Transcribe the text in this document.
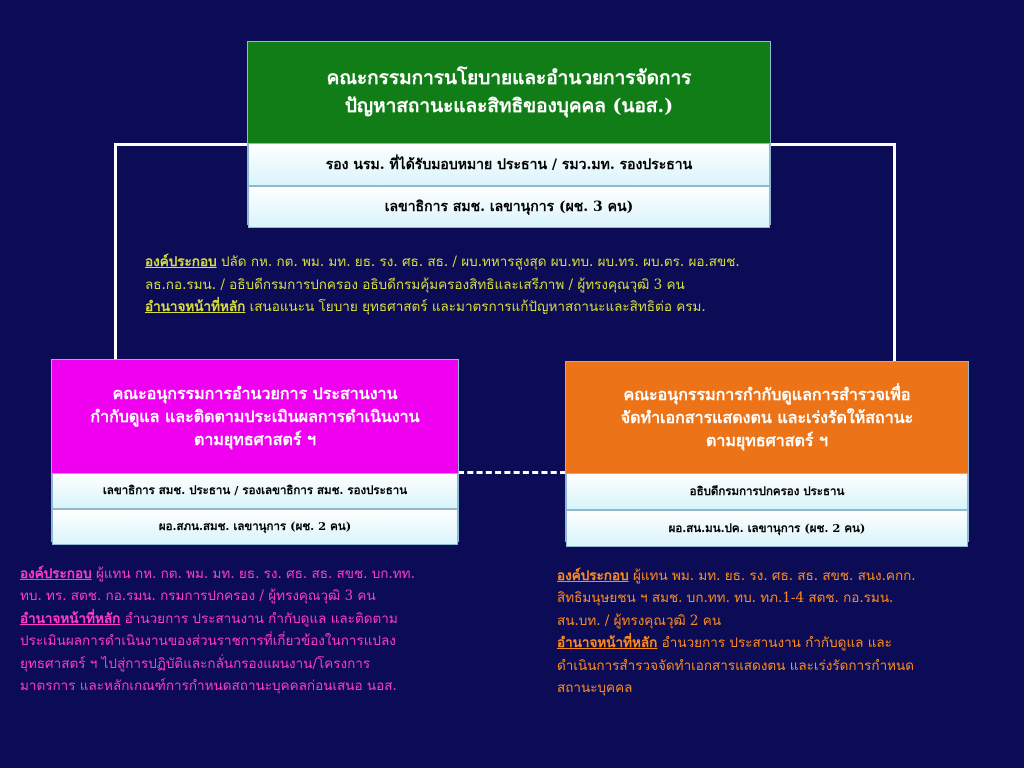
คณะกรรมการนโยบายและอำนวยการจัดการ
ปัญหาสถานะและสิทธิของบุคคล (นอส.)
รอง นรม. ที่ได้รับมอบหมาย ประธาน / รมว.มท. รองประธาน
เลขาธิการ สมช. เลขานุการ (ผช. 3 คน)
องค์ประกอบ ปลัด กห. กต. พม. มท. ยธ. รง. ศธ. สธ. / ผบ.ทหารสูงสุด ผบ.ทบ. ผบ.ทร. ผบ.ตร. ผอ.สขช.
ลธ.กอ.รมน. / อธิบดีกรมการปกครอง อธิบดีกรมคุ้มครองสิทธิและเสรีภาพ / ผู้ทรงคุณวุฒิ 3 คน
อำนาจหน้าที่หลัก เสนอแนะน โยบาย ยุทธศาสตร์ และมาตรการแก้ปัญหาสถานะและสิทธิต่อ ครม.
คณะอนุกรรมการอำนวยการ ประสานงาน
กำกับดูแล และติดตามประเมินผลการดำเนินงาน
ตามยุทธศาสตร์ ฯ
เลขาธิการ สมช. ประธาน / รองเลขาธิการ สมช. รองประธาน
ผอ.สภน.สมช. เลขานุการ (ผช. 2 คน)
คณะอนุกรรมการกำกับดูแลการสำรวจเพื่อ
จัดทำเอกสารแสดงตน และเร่งรัดให้สถานะ
ตามยุทธศาสตร์ ฯ
อธิบดีกรมการปกครอง ประธาน
ผอ.สน.มน.ปค. เลขานุการ (ผช. 2 คน)
องค์ประกอบ ผู้แทน กห. กต. พม. มท. ยธ. รง. ศธ. สธ. สขช. บก.ทท.
ทบ. ทร. สตช. กอ.รมน. กรมการปกครอง / ผู้ทรงคุณวุฒิ 3 คน
อำนาจหน้าที่หลัก อำนวยการ ประสานงาน กำกับดูแล และติดตาม
ประเมินผลการดำเนินงานของส่วนราชการที่เกี่ยวข้องในการแปลง
ยุทธศาสตร์ ฯ ไปสู่การปฏิบัติและกลั่นกรองแผนงาน/โครงการ
มาตรการ และหลักเกณฑ์การกำหนดสถานะบุคคลก่อนเสนอ นอส.
องค์ประกอบ ผู้แทน พม. มท. ยธ. รง. ศธ. สธ. สขช. สนง.คกก.
สิทธิมนุษยชน ฯ สมช. บก.ทท. ทบ. ทภ.1-4 สตช. กอ.รมน.
สน.บท. / ผู้ทรงคุณวุฒิ 2 คน
อำนาจหน้าที่หลัก อำนวยการ ประสานงาน กำกับดูแล และ
ดำเนินการสำรวจจัดทำเอกสารแสดงตน และเร่งรัดการกำหนด
สถานะบุคคล
